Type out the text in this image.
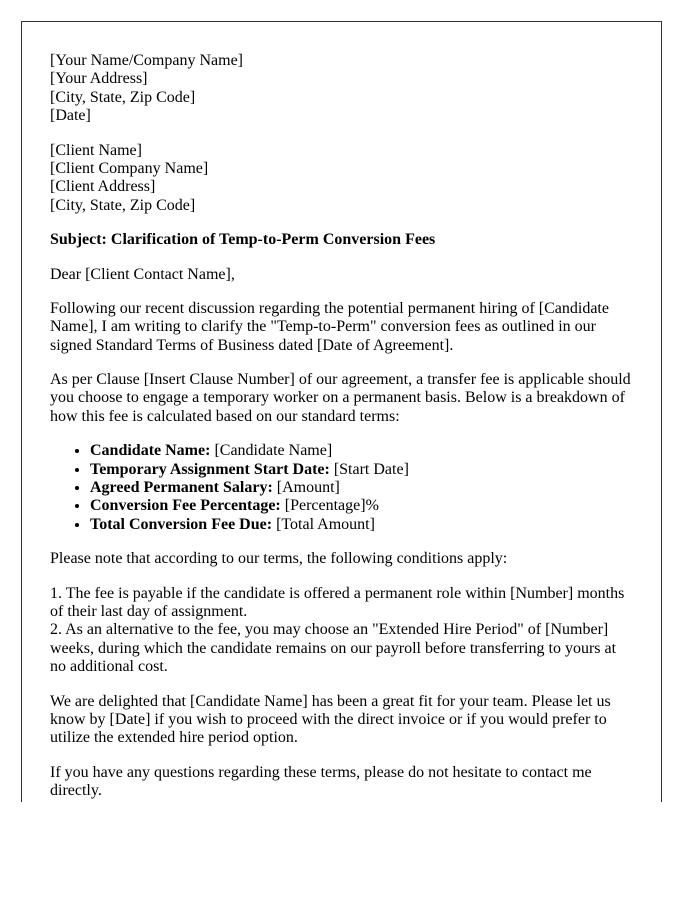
[Your Name/Company Name]
[Your Address]
[City, State, Zip Code]
[Date]
[Client Name]
[Client Company Name]
[Client Address]
[City, State, Zip Code]
Subject: Clarification of Temp-to-Perm Conversion Fees
Dear [Client Contact Name],
Following our recent discussion regarding the potential permanent hiring of [Candidate Name], I am writing to clarify the "Temp-to-Perm" conversion fees as outlined in our signed Standard Terms of Business dated [Date of Agreement].
As per Clause [Insert Clause Number] of our agreement, a transfer fee is applicable should you choose to engage a temporary worker on a permanent basis. Below is a breakdown of how this fee is calculated based on our standard terms:
• Candidate Name: [Candidate Name]
• Temporary Assignment Start Date: [Start Date]
• Agreed Permanent Salary: [Amount]
• Conversion Fee Percentage: [Percentage]%
• Total Conversion Fee Due: [Total Amount]
Please note that according to our terms, the following conditions apply:
1. The fee is payable if the candidate is offered a permanent role within [Number] months of their last day of assignment.
2. As an alternative to the fee, you may choose an "Extended Hire Period" of [Number] weeks, during which the candidate remains on our payroll before transferring to yours at no additional cost.
We are delighted that [Candidate Name] has been a great fit for your team. Please let us know by [Date] if you wish to proceed with the direct invoice or if you would prefer to utilize the extended hire period option.
If you have any questions regarding these terms, please do not hesitate to contact me directly.
